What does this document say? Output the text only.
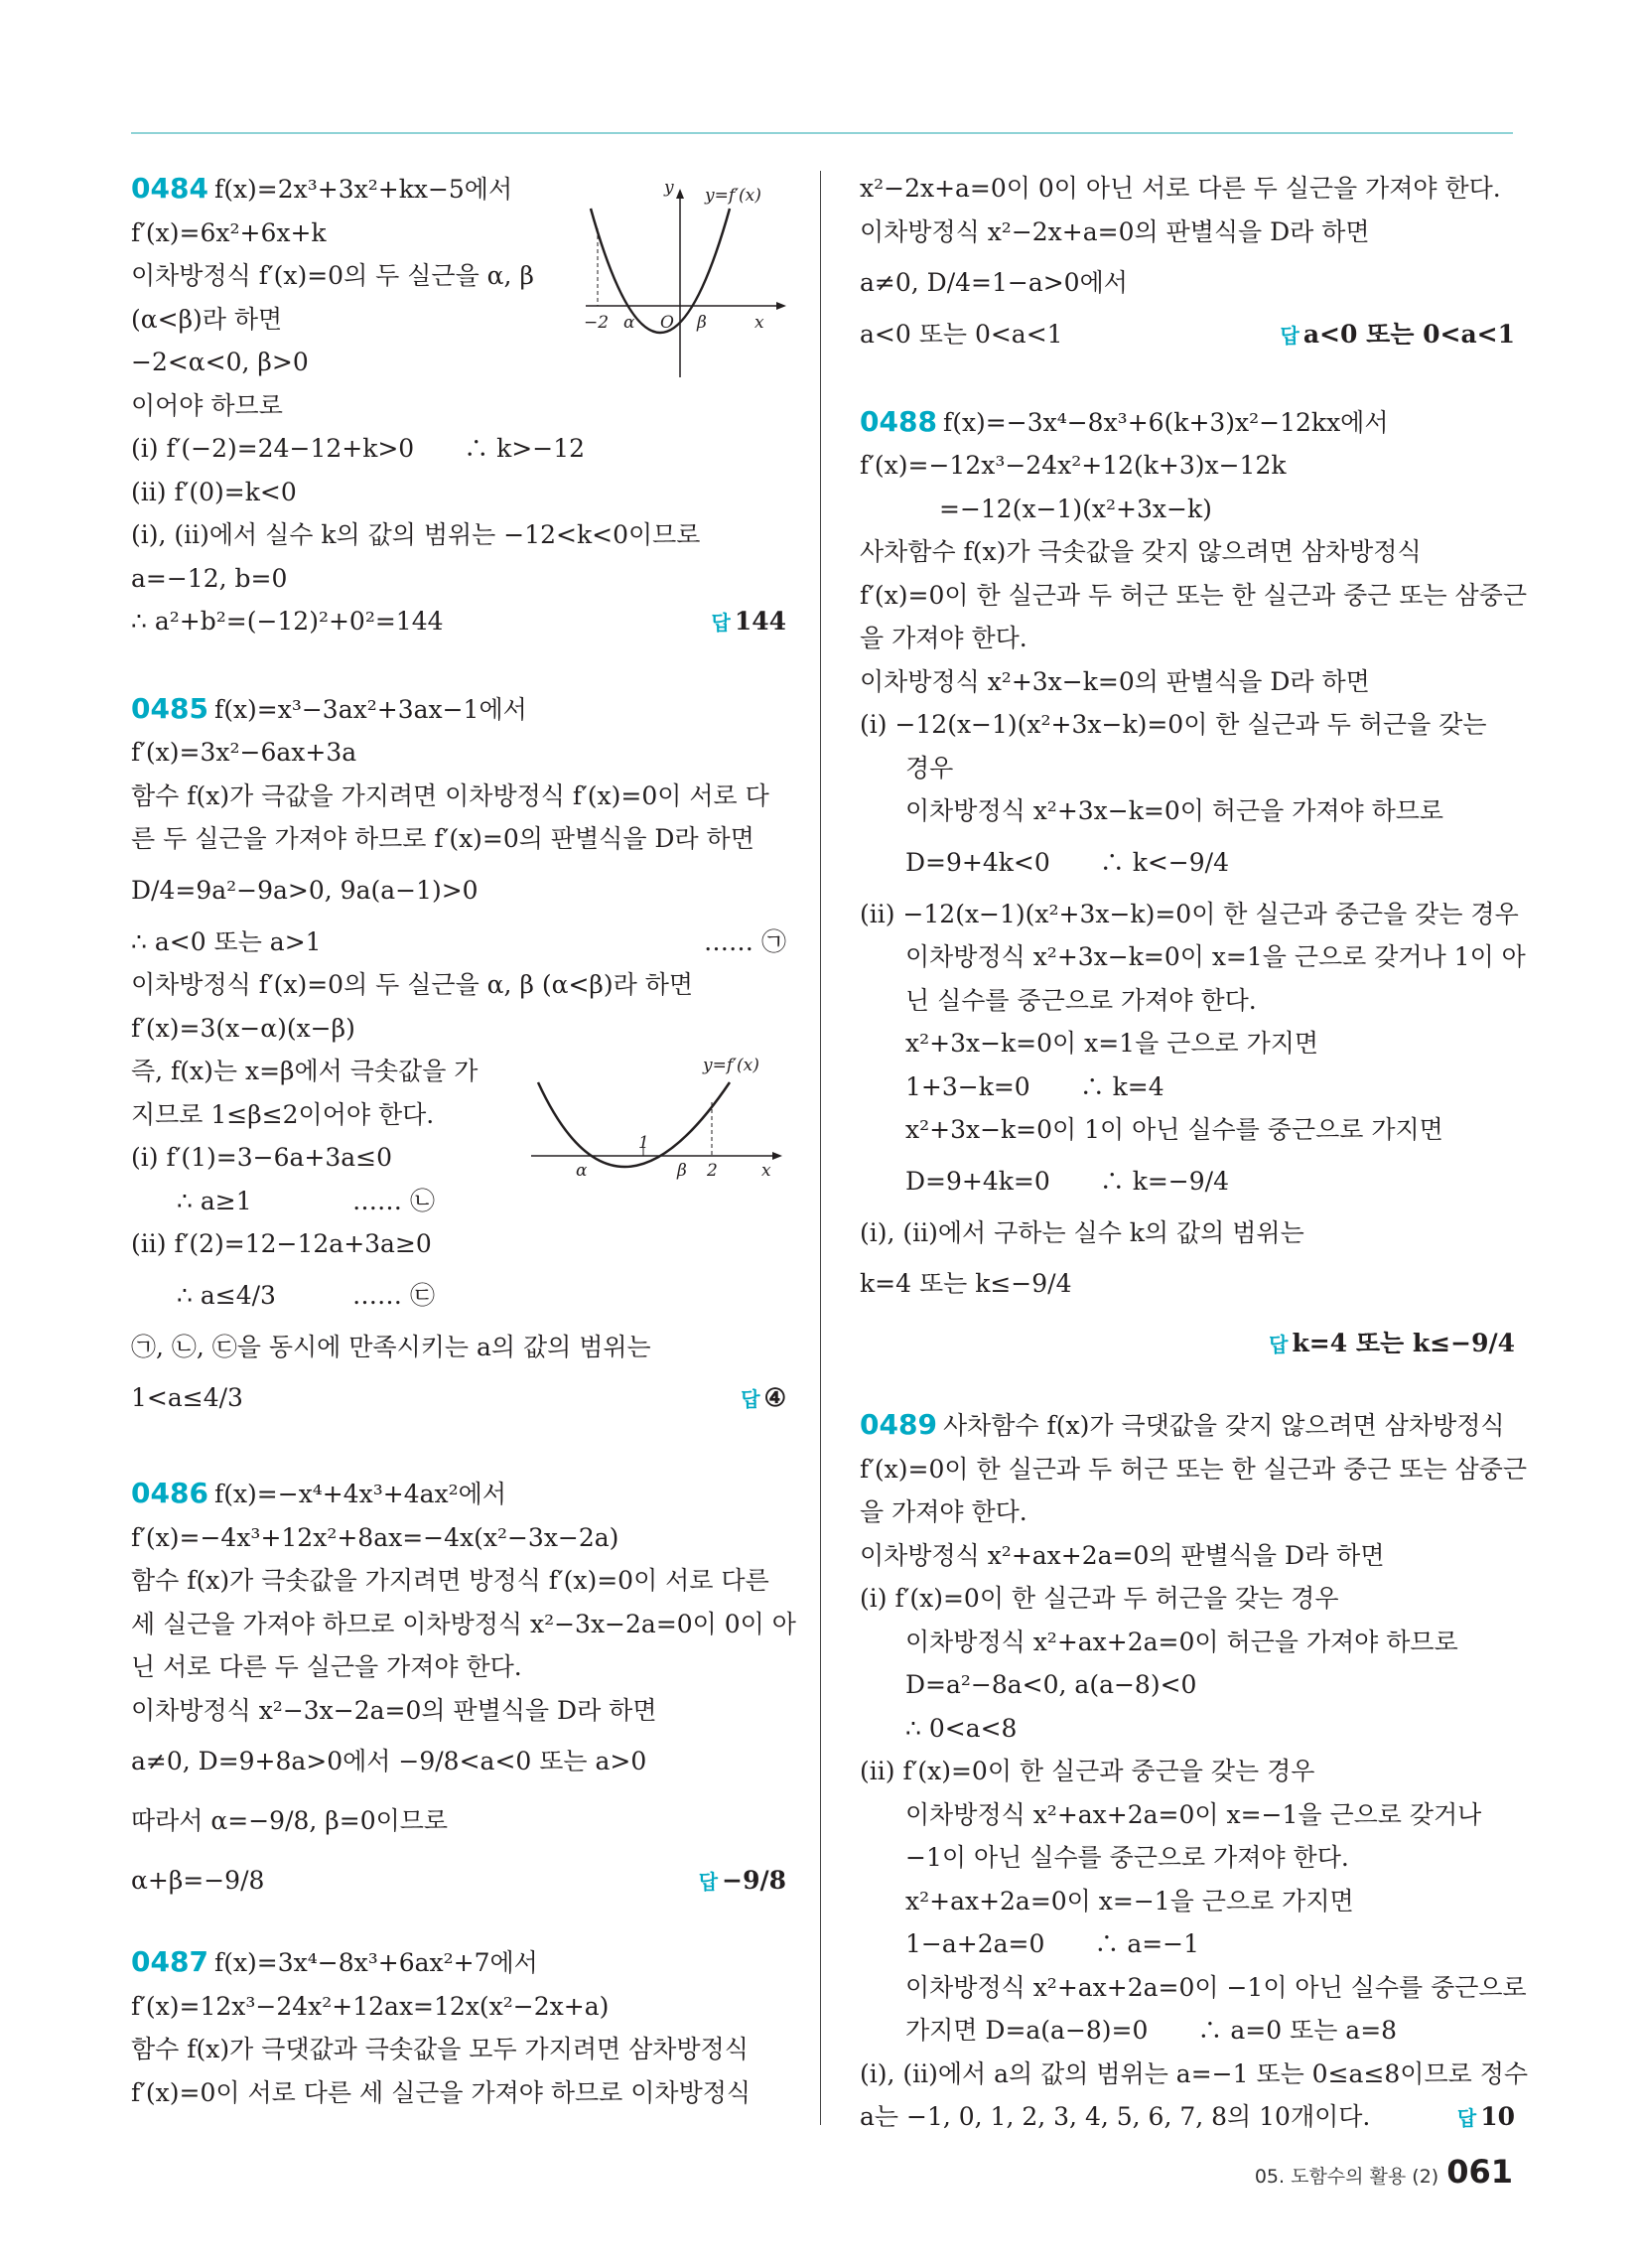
0484 f(x)=2x³+3x²+kx−5에서
f′(x)=6x²+6x+k
이차방정식 f′(x)=0의 두 실근을 α, β
(α<β)라 하면
−2<α<0, β>0
이어야 하므로
(ⅰ) f′(−2)=24−12+k>0　　∴ k>−12
(ⅱ) f′(0)=k<0
(ⅰ), (ⅱ)에서 실수 k의 값의 범위는 −12<k<0이므로
a=−12, b=0
∴ a²+b²=(−12)²+0²=144	답 144
0485 f(x)=x³−3ax²+3ax−1에서
f′(x)=3x²−6ax+3a
함수 f(x)가 극값을 가지려면 이차방정식 f′(x)=0이 서로 다
른 두 실근을 가져야 하므로 f′(x)=0의 판별식을 D라 하면
D/4=9a²−9a>0, 9a(a−1)>0
∴ a<0 또는 a>1	…… ㉠
이차방정식 f′(x)=0의 두 실근을 α, β (α<β)라 하면
f′(x)=3(x−α)(x−β)
즉, f(x)는 x=β에서 극솟값을 가
지므로 1≤β≤2이어야 한다.
(ⅰ) f′(1)=3−6a+3a≤0
∴ a≥1	…… ㉡
(ⅱ) f′(2)=12−12a+3a≥0
∴ a≤4/3	…… ㉢
㉠, ㉡, ㉢을 동시에 만족시키는 a의 값의 범위는
1<a≤4/3	답 ④
0486 f(x)=−x⁴+4x³+4ax²에서
f′(x)=−4x³+12x²+8ax=−4x(x²−3x−2a)
함수 f(x)가 극솟값을 가지려면 방정식 f′(x)=0이 서로 다른
세 실근을 가져야 하므로 이차방정식 x²−3x−2a=0이 0이 아
닌 서로 다른 두 실근을 가져야 한다.
이차방정식 x²−3x−2a=0의 판별식을 D라 하면
a≠0, D=9+8a>0에서 −9/8<a<0 또는 a>0
따라서 α=−9/8, β=0이므로
α+β=−9/8	답 −9/8
0487 f(x)=3x⁴−8x³+6ax²+7에서
f′(x)=12x³−24x²+12ax=12x(x²−2x+a)
함수 f(x)가 극댓값과 극솟값을 모두 가지려면 삼차방정식
f′(x)=0이 서로 다른 세 실근을 가져야 하므로 이차방정식
y y=f′(x)
−2 α O β	x
y=f′(x)
1
α	β 2	x
x²−2x+a=0이 0이 아닌 서로 다른 두 실근을 가져야 한다.
이차방정식 x²−2x+a=0의 판별식을 D라 하면
a≠0, D/4=1−a>0에서
a<0 또는 0<a<1	답 a<0 또는 0<a<1
0488 f(x)=−3x⁴−8x³+6(k+3)x²−12kx에서
f′(x)=−12x³−24x²+12(k+3)x−12k
=−12(x−1)(x²+3x−k)
사차함수 f(x)가 극솟값을 갖지 않으려면 삼차방정식
f′(x)=0이 한 실근과 두 허근 또는 한 실근과 중근 또는 삼중근
을 가져야 한다.
이차방정식 x²+3x−k=0의 판별식을 D라 하면
(ⅰ) −12(x−1)(x²+3x−k)=0이 한 실근과 두 허근을 갖는
경우
이차방정식 x²+3x−k=0이 허근을 가져야 하므로
D=9+4k<0　　∴ k<−9/4
(ⅱ) −12(x−1)(x²+3x−k)=0이 한 실근과 중근을 갖는 경우
이차방정식 x²+3x−k=0이 x=1을 근으로 갖거나 1이 아
닌 실수를 중근으로 가져야 한다.
x²+3x−k=0이 x=1을 근으로 가지면
1+3−k=0　　∴ k=4
x²+3x−k=0이 1이 아닌 실수를 중근으로 가지면
D=9+4k=0　　∴ k=−9/4
(ⅰ), (ⅱ)에서 구하는 실수 k의 값의 범위는
k=4 또는 k≤−9/4
답 k=4 또는 k≤−9/4
0489 사차함수 f(x)가 극댓값을 갖지 않으려면 삼차방정식
f′(x)=0이 한 실근과 두 허근 또는 한 실근과 중근 또는 삼중근
을 가져야 한다.
이차방정식 x²+ax+2a=0의 판별식을 D라 하면
(ⅰ) f′(x)=0이 한 실근과 두 허근을 갖는 경우
이차방정식 x²+ax+2a=0이 허근을 가져야 하므로
D=a²−8a<0, a(a−8)<0
∴ 0<a<8
(ⅱ) f′(x)=0이 한 실근과 중근을 갖는 경우
이차방정식 x²+ax+2a=0이 x=−1을 근으로 갖거나
−1이 아닌 실수를 중근으로 가져야 한다.
x²+ax+2a=0이 x=−1을 근으로 가지면
1−a+2a=0　　∴ a=−1
이차방정식 x²+ax+2a=0이 −1이 아닌 실수를 중근으로
가지면 D=a(a−8)=0　　∴ a=0 또는 a=8
(ⅰ), (ⅱ)에서 a의 값의 범위는 a=−1 또는 0≤a≤8이므로 정수
a는 −1, 0, 1, 2, 3, 4, 5, 6, 7, 8의 10개이다.	답 10
05. 도함수의 활용 (2) 061
